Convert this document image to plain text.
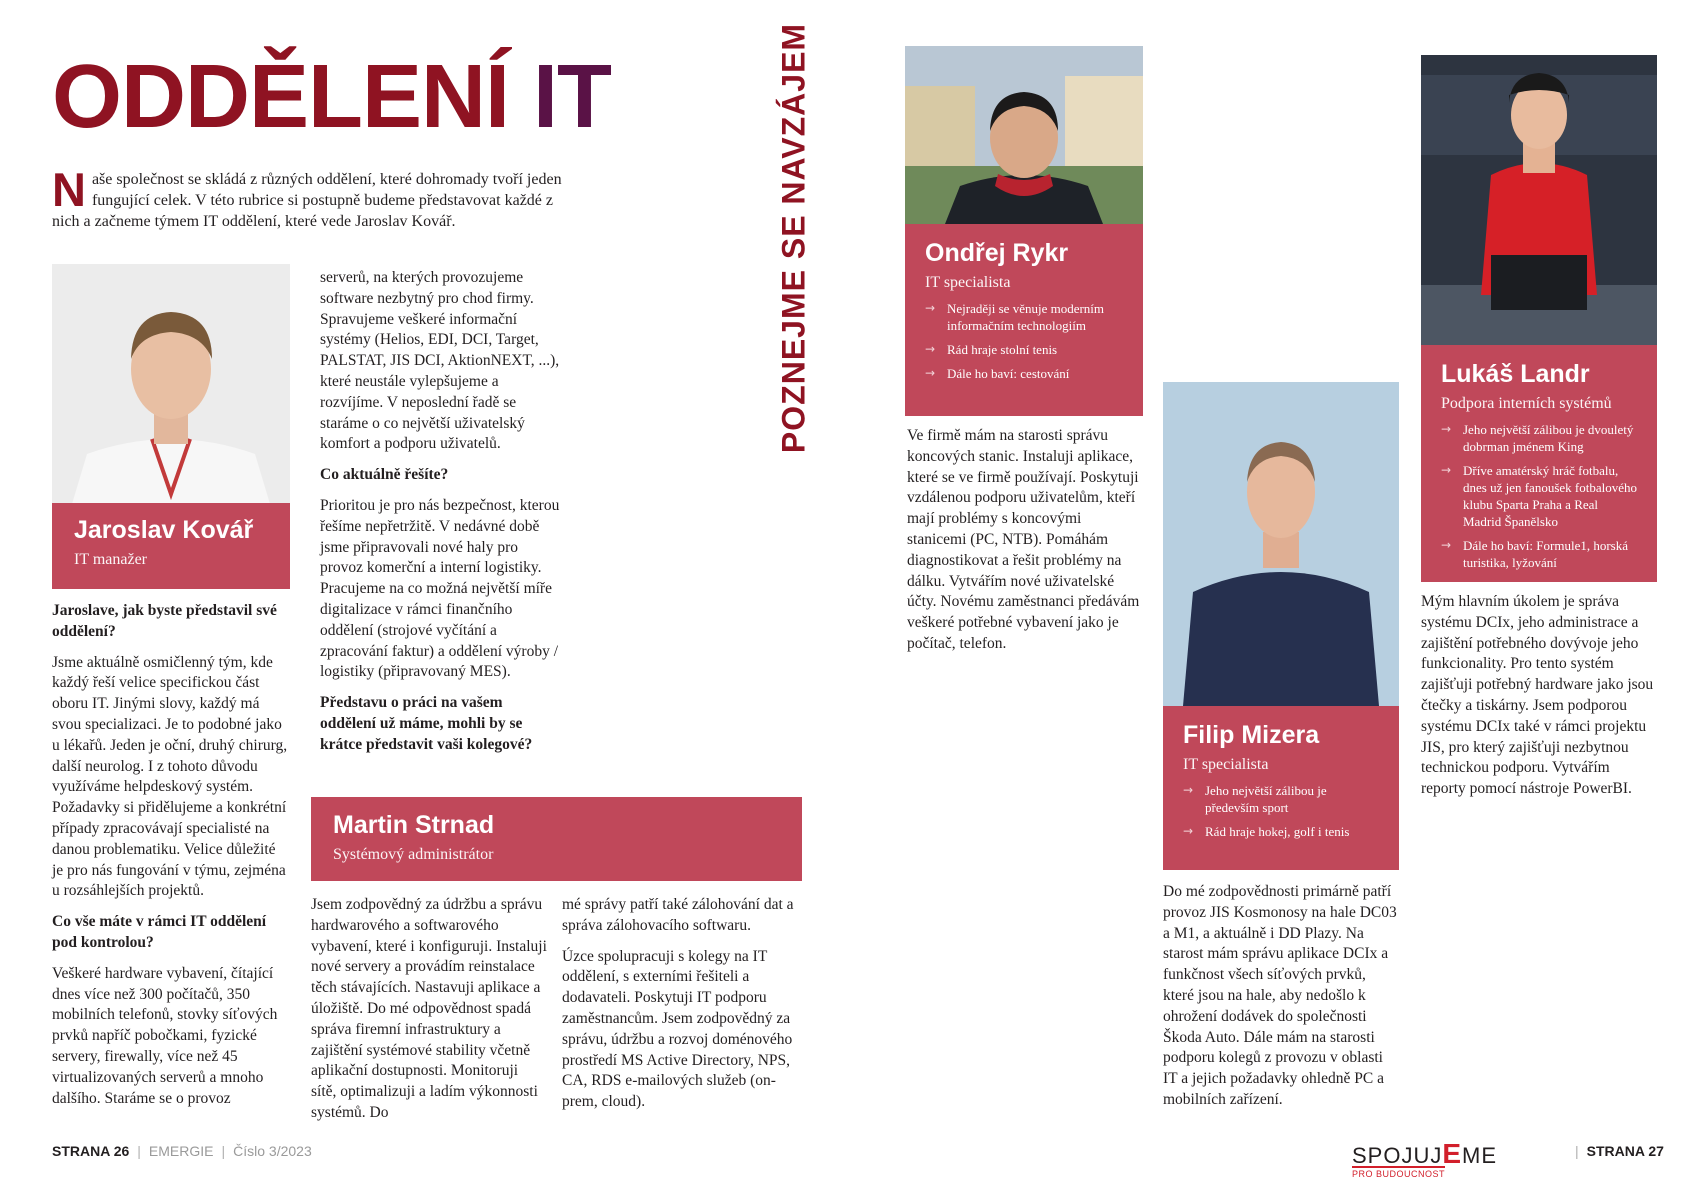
ODDĚLENÍ IT
Naše společnost se skládá z různých oddělení, které dohromady tvoří jeden fungující celek. V této rubrice si postupně budeme představovat každé z nich a začneme týmem IT oddělení, které vede Jaroslav Kovář.
Jaroslav Kovář
IT manažer

Jaroslave, jak byste představil své oddělení?

Jsme aktuálně osmičlenný tým, kde každý řeší velice specifickou část oboru IT. Jinými slovy, každý má svou specializaci. Je to podobné jako u lékařů. Jeden je oční, druhý chirurg, další neurolog. I z tohoto důvodu využíváme helpdeskový systém. Požadavky si přidělujeme a konkrétní případy zpracovávají specialisté na danou problematiku. Velice důležité je pro nás fungování v týmu, zejména u rozsáhlejších projektů.

Co vše máte v rámci IT oddělení pod kontrolou?

Veškeré hardware vybavení, čítající dnes více než 300 počítačů, 350 mobilních telefonů, stovky síťových prvků napříč pobočkami, fyzické servery, firewally, více než 45 virtualizovaných serverů a mnoho dalšího. Staráme se o provoz

serverů, na kterých provozujeme software nezbytný pro chod firmy. Spravujeme veškeré informační systémy (Helios, EDI, DCI, Target, PALSTAT, JIS DCI, AktionNEXT, ...), které neustále vylepšujeme a rozvíjíme. V neposlední řadě se staráme o co největší uživatelský komfort a podporu uživatelů.

Co aktuálně řešíte?

Prioritou je pro nás bezpečnost, kterou řešíme nepřetržitě. V nedávné době jsme připravovali nové haly pro provoz komerční a interní logistiky. Pracujeme na co možná největší míře digitalizace v rámci finančního oddělení (strojové vyčítání a zpracování faktur) a oddělení výroby / logistiky (připravovaný MES).

Představu o práci na vašem oddělení už máme, mohli by se krátce představit vaši kolegové?

Martin Strnad
Systémový administrátor

Jsem zodpovědný za údržbu a správu hardwarového a softwarového vybavení, které i konfiguruji. Instaluji nové servery a provádím reinstalace těch stávajících. Nastavuji aplikace a úložiště. Do mé odpovědnost spadá správa firemní infrastruktury a zajištění systémové stability včetně aplikační dostupnosti. Monitoruji sítě, optimalizuji a ladím výkonnosti systémů. Do

mé správy patří také zálohování dat a správa zálohovacího softwaru.

Úzce spolupracuji s kolegy na IT oddělení, s externími řešiteli a dodavateli. Poskytuji IT podporu zaměstnancům. Jsem zodpovědný za správu, údržbu a rozvoj doménového prostředí MS Active Directory, NPS, CA, RDS e-mailových služeb (on-prem, cloud).

STRANA 26 | EMERGIE | Číslo 3/2023
POZNEJME SE NAVZÁJEM	Ondřej Rykr
IT specialista
→ Nejraději se věnuje moderním informačním technologiím
→ Rád hraje stolní tenis
→ Dále ho baví: cestování

Ve firmě mám na starosti správu koncových stanic. Instaluji aplikace, které se ve firmě používají. Poskytuji vzdálenou podporu uživatelům, kteří mají problémy s koncovými stanicemi (PC, NTB). Pomáhám diagnostikovat a řešit problémy na dálku. Vytvářím nové uživatelské účty. Novému zaměstnanci předávám veškeré potřebné vybavení jako je počítač, telefon.

Filip Mizera
IT specialista
→ Jeho největší zálibou je především sport
→ Rád hraje hokej, golf i tenis

Do mé zodpovědnosti primárně patří provoz JIS Kosmonosy na hale DC03 a M1, a aktuálně i DD Plazy. Na starost mám správu aplikace DCIx a funkčnost všech síťových prvků, které jsou na hale, aby nedošlo k ohrožení dodávek do společnosti Škoda Auto. Dále mám na starosti podporu kolegů z provozu v oblasti IT a jejich požadavky ohledně PC a mobilních zařízení.

Lukáš Landr
Podpora interních systémů
→ Jeho největší zálibou je dvouletý dobrman jménem King
→ Dříve amatérský hráč fotbalu, dnes už jen fanoušek fotbalového klubu Sparta Praha a Real Madrid Španělsko
→ Dále ho baví: Formule1, horská turistika, lyžování

Mým hlavním úkolem je správa systému DCIx, jeho administrace a zajištění potřebného dovývoje jeho funkcionality. Pro tento systém zajišťuji potřebný hardware jako jsou čtečky a tiskárny. Jsem podporou systému DCIx také v rámci projektu JIS, pro který zajišťuji nezbytnou technickou podporu. Vytvářím reporty pomocí nástroje PowerBI.

SPOJUJEME
PRO BUDOUCNOST
| STRANA 27
